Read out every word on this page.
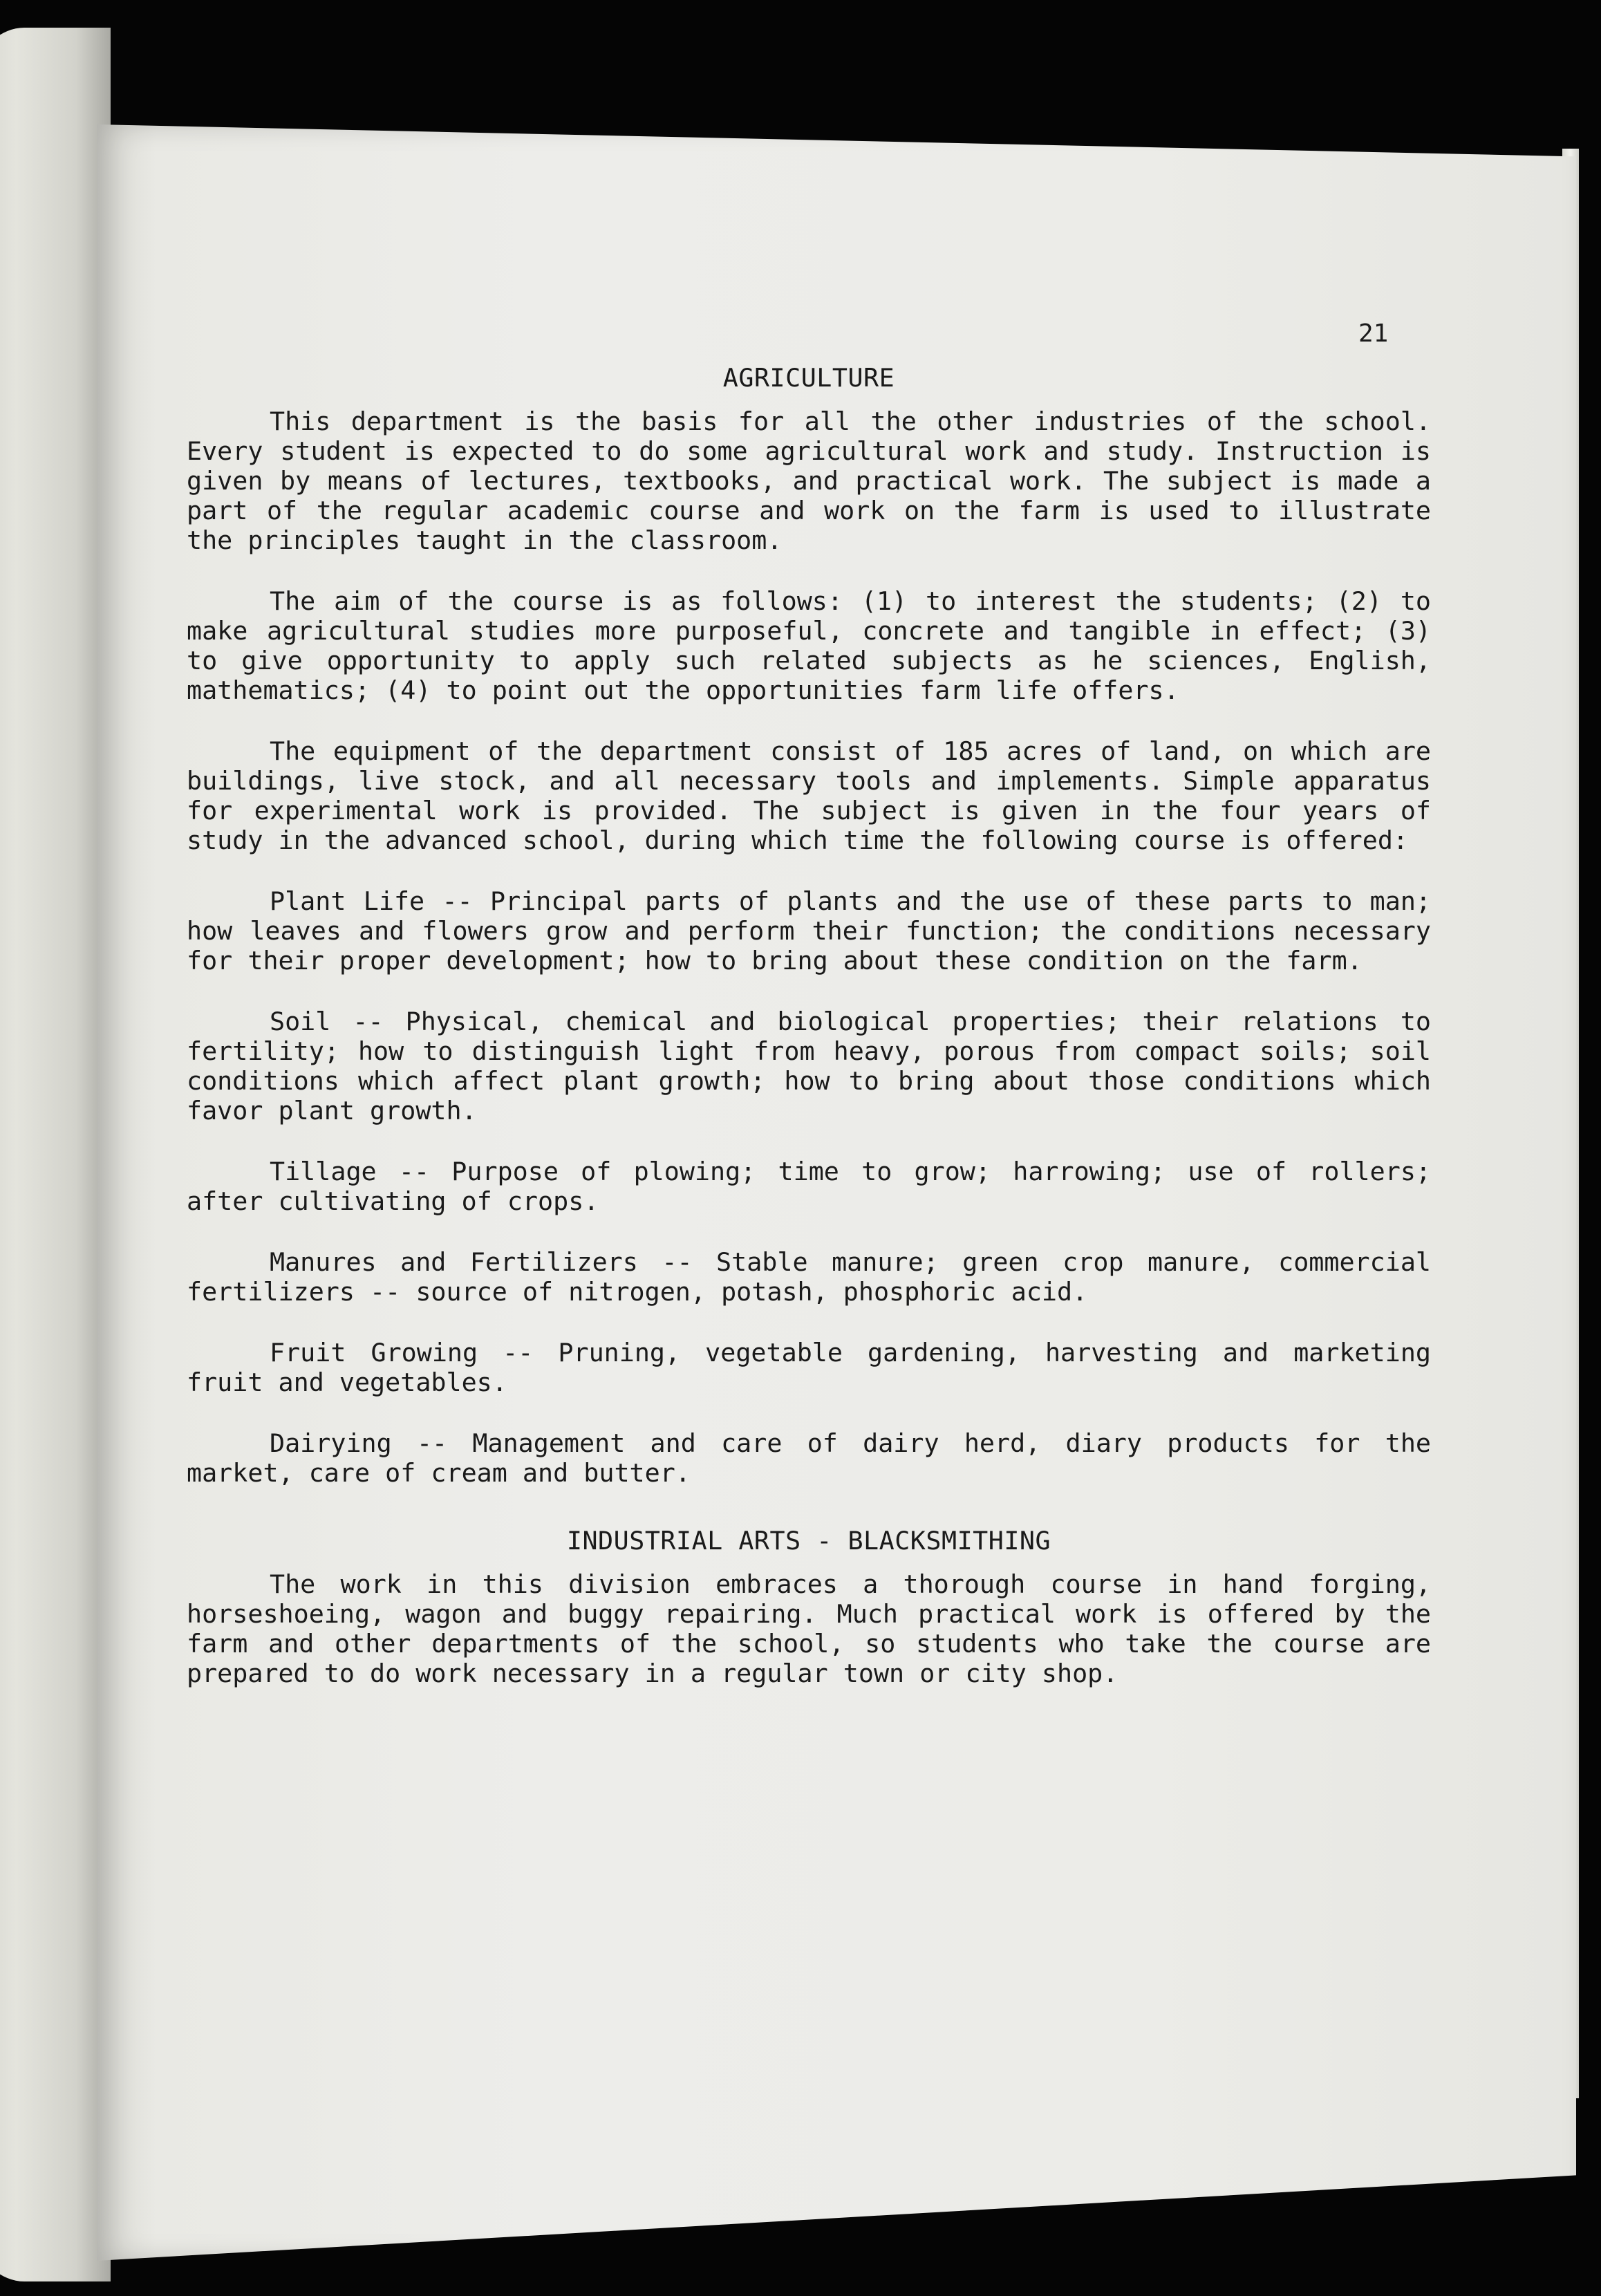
21
AGRICULTURE

This department is the basis for all the other industries of the school. Every student is expected to do some agricultural work and study. Instruction is given by means of lectures, textbooks, and practical work. The subject is made a part of the regular academic course and work on the farm is used to illustrate the principles taught in the classroom.

The aim of the course is as follows: (1) to interest the students; (2) to make agricultural studies more purposeful, concrete and tangible in effect; (3) to give opportunity to apply such related subjects as he sciences, English, mathematics; (4) to point out the opportunities farm life offers.

The equipment of the department consist of 185 acres of land, on which are buildings, live stock, and all necessary tools and implements. Simple apparatus for experimental work is provided. The subject is given in the four years of study in the advanced school, during which time the following course is offered:

Plant Life -- Principal parts of plants and the use of these parts to man; how leaves and flowers grow and perform their function; the conditions necessary for their proper development; how to bring about these condition on the farm.

Soil -- Physical, chemical and biological properties; their relations to fertility; how to distinguish light from heavy, porous from compact soils; soil conditions which affect plant growth; how to bring about those conditions which favor plant growth.

Tillage -- Purpose of plowing; time to grow; harrowing; use of rollers; after cultivating of crops.

Manures and Fertilizers -- Stable manure; green crop manure, commercial fertilizers -- source of nitrogen, potash, phosphoric acid.

Fruit Growing -- Pruning, vegetable gardening, harvesting and marketing fruit and vegetables.

Dairying -- Management and care of dairy herd, diary products for the market, care of cream and butter.

INDUSTRIAL ARTS - BLACKSMITHING

The work in this division embraces a thorough course in hand forging, horseshoeing, wagon and buggy repairing. Much practical work is offered by the farm and other departments of the school, so students who take the course are prepared to do work necessary in a regular town or city shop.
